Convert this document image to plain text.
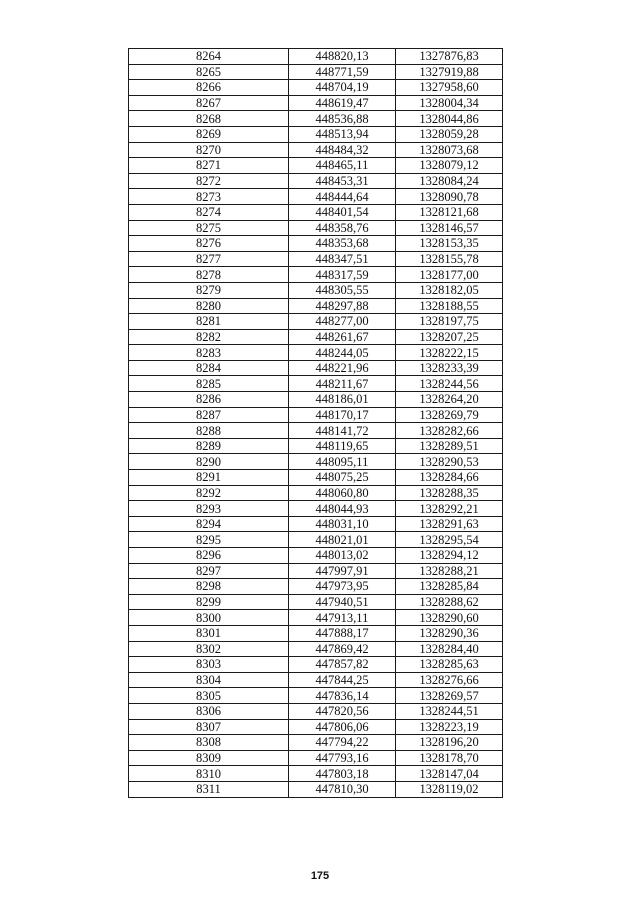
8264	448820,13	1327876,83
8265	448771,59	1327919,88
8266	448704,19	1327958,60
8267	448619,47	1328004,34
8268	448536,88	1328044,86
8269	448513,94	1328059,28
8270	448484,32	1328073,68
8271	448465,11	1328079,12
8272	448453,31	1328084,24
8273	448444,64	1328090,78
8274	448401,54	1328121,68
8275	448358,76	1328146,57
8276	448353,68	1328153,35
8277	448347,51	1328155,78
8278	448317,59	1328177,00
8279	448305,55	1328182,05
8280	448297,88	1328188,55
8281	448277,00	1328197,75
8282	448261,67	1328207,25
8283	448244,05	1328222,15
8284	448221,96	1328233,39
8285	448211,67	1328244,56
8286	448186,01	1328264,20
8287	448170,17	1328269,79
8288	448141,72	1328282,66
8289	448119,65	1328289,51
8290	448095,11	1328290,53
8291	448075,25	1328284,66
8292	448060,80	1328288,35
8293	448044,93	1328292,21
8294	448031,10	1328291,63
8295	448021,01	1328295,54
8296	448013,02	1328294,12
8297	447997,91	1328288,21
8298	447973,95	1328285,84
8299	447940,51	1328288,62
8300	447913,11	1328290,60
8301	447888,17	1328290,36
8302	447869,42	1328284,40
8303	447857,82	1328285,63
8304	447844,25	1328276,66
8305	447836,14	1328269,57
8306	447820,56	1328244,51
8307	447806,06	1328223,19
8308	447794,22	1328196,20
8309	447793,16	1328178,70
8310	447803,18	1328147,04
8311	447810,30	1328119,02
175
